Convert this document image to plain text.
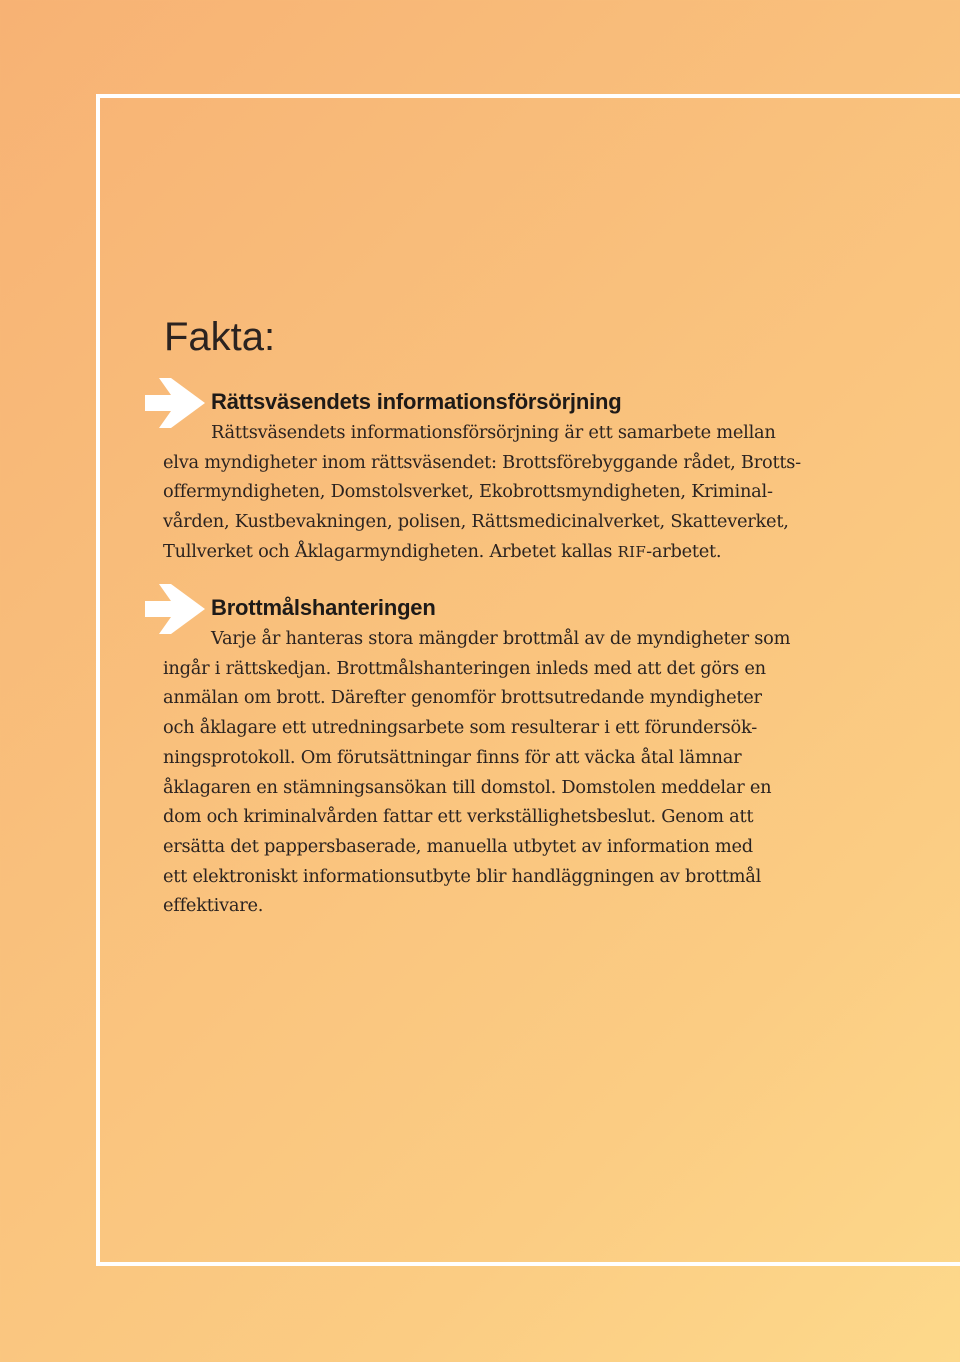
Fakta:
Rättsväsendets informationsförsörjning

Rättsväsendets informationsförsörjning är ett samarbete mellan
elva myndigheter inom rättsväsendet: Brottsförebyggande rådet, Brotts-
offermyndigheten, Domstolsverket, Ekobrottsmyndigheten, Kriminal-
vården, Kustbevakningen, polisen, Rättsmedicinalverket, Skatteverket,
Tullverket och Åklagarmyndigheten. Arbetet kallas RIF-arbetet.

Brottmålshanteringen

Varje år hanteras stora mängder brottmål av de myndigheter som
ingår i rättskedjan. Brottmålshanteringen inleds med att det görs en
anmälan om brott. Därefter genomför brottsutredande myndigheter
och åklagare ett utredningsarbete som resulterar i ett förundersök-
ningsprotokoll. Om förutsättningar finns för att väcka åtal lämnar
åklagaren en stämningsansökan till domstol. Domstolen meddelar en
dom och kriminalvården fattar ett verkställighetsbeslut. Genom att
ersätta det pappersbaserade, manuella utbytet av information med
ett elektroniskt informationsutbyte blir handläggningen av brottmål
effektivare.
